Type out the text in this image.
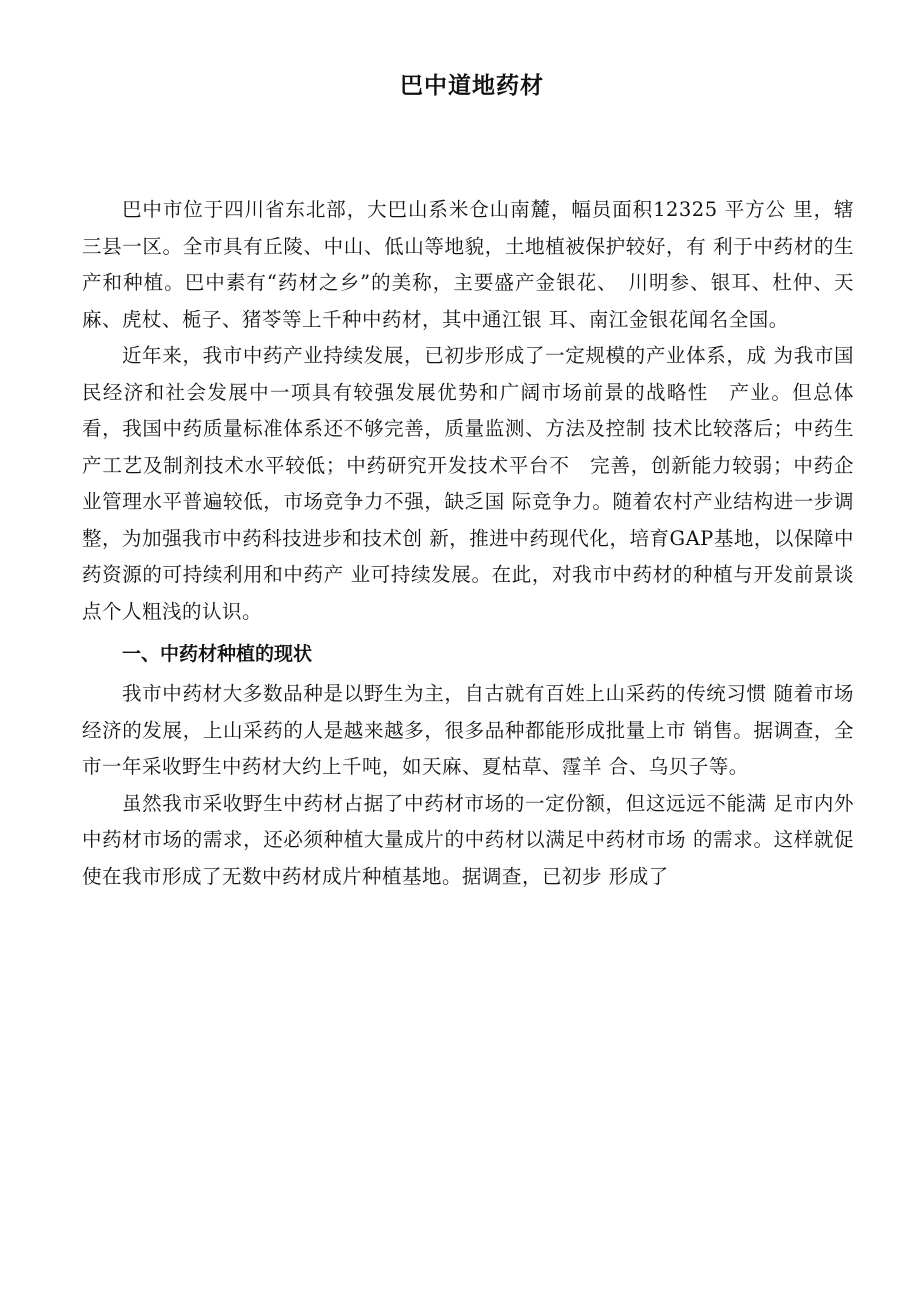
巴中道地药材

巴中市位于四川省东北部，大巴山系米仓山南麓，幅员面积12325 平方公 里，辖三县一区。全市具有丘陵、中山、低山等地貌，土地植被保护较好，有 利于中药材的生产和种植。巴中素有“药材之乡”的美称，主要盛产金银花、　川明参、银耳、杜仲、天麻、虎杖、栀子、猪苓等上千种中药材，其中通江银 耳、南江金银花闻名全国。

近年来，我市中药产业持续发展，已初步形成了一定规模的产业体系，成 为我市国民经济和社会发展中一项具有较强发展优势和广阔市场前景的战略性　产业。但总体看，我国中药质量标准体系还不够完善，质量监测、方法及控制 技术比较落后；中药生产工艺及制剂技术水平较低；中药研究开发技术平台不　完善，创新能力较弱；中药企业管理水平普遍较低，市场竞争力不强，缺乏国 际竞争力。随着农村产业结构进一步调整，为加强我市中药科技进步和技术创 新，推进中药现代化，培育GAP基地，以保障中药资源的可持续利用和中药产 业可持续发展。在此，对我市中药材的种植与开发前景谈点个人粗浅的认识。

一、中药材种植的现状

我市中药材大多数品种是以野生为主，自古就有百姓上山采药的传统习惯 随着市场经济的发展，上山采药的人是越来越多，很多品种都能形成批量上市 销售。据调查，全市一年采收野生中药材大约上千吨，如天麻、夏枯草、霪羊 合、乌贝子等。

虽然我市采收野生中药材占据了中药材市场的一定份额，但这远远不能满 足市内外中药材市场的需求，还必须种植大量成片的中药材以满足中药材市场 的需求。这样就促使在我市形成了无数中药材成片种植基地。据调查，已初步 形成了
